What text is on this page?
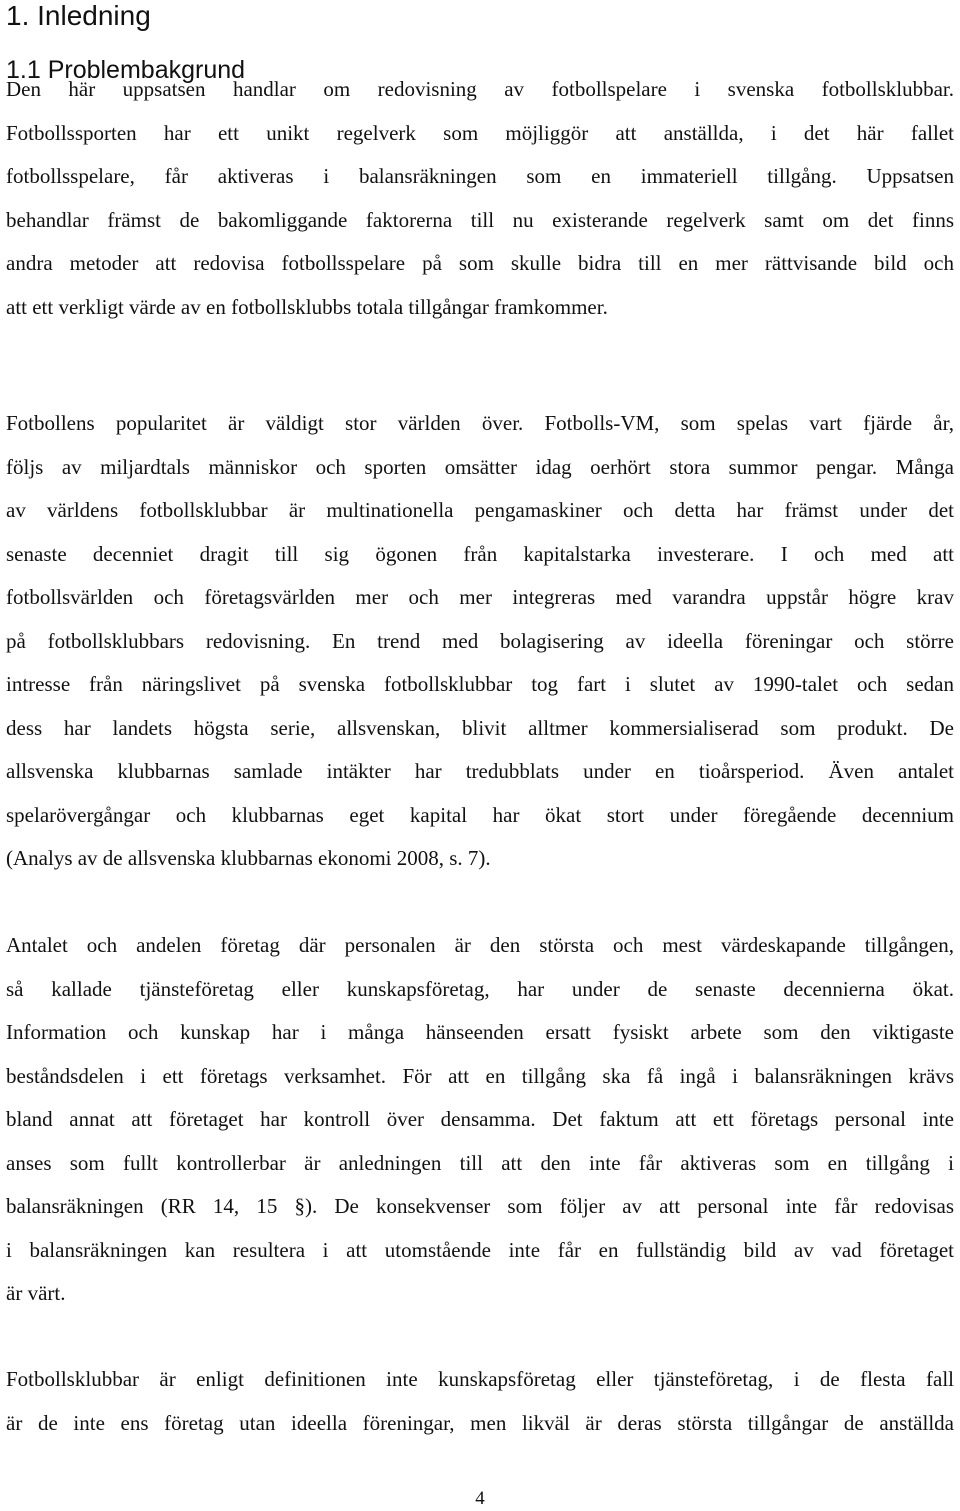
1. Inledning
1.1 Problembakgrund
Den här uppsatsen handlar om redovisning av fotbollspelare i svenska fotbollsklubbar.
Fotbollssporten har ett unikt regelverk som möjliggör att anställda, i det här fallet
fotbollsspelare, får aktiveras i balansräkningen som en immateriell tillgång. Uppsatsen
behandlar främst de bakomliggande faktorerna till nu existerande regelverk samt om det finns
andra metoder att redovisa fotbollsspelare på som skulle bidra till en mer rättvisande bild och
att ett verkligt värde av en fotbollsklubbs totala tillgångar framkommer.
Fotbollens popularitet är väldigt stor världen över. Fotbolls-VM, som spelas vart fjärde år,
följs av miljardtals människor och sporten omsätter idag oerhört stora summor pengar. Många
av världens fotbollsklubbar är multinationella pengamaskiner och detta har främst under det
senaste decenniet dragit till sig ögonen från kapitalstarka investerare. I och med att
fotbollsvärlden och företagsvärlden mer och mer integreras med varandra uppstår högre krav
på fotbollsklubbars redovisning. En trend med bolagisering av ideella föreningar och större
intresse från näringslivet på svenska fotbollsklubbar tog fart i slutet av 1990-talet och sedan
dess har landets högsta serie, allsvenskan, blivit alltmer kommersialiserad som produkt. De
allsvenska klubbarnas samlade intäkter har tredubblats under en tioårsperiod. Även antalet
spelarövergångar och klubbarnas eget kapital har ökat stort under föregående decennium
(Analys av de allsvenska klubbarnas ekonomi 2008, s. 7).
Antalet och andelen företag där personalen är den största och mest värdeskapande tillgången,
så kallade tjänsteföretag eller kunskapsföretag, har under de senaste decennierna ökat.
Information och kunskap har i många hänseenden ersatt fysiskt arbete som den viktigaste
beståndsdelen i ett företags verksamhet. För att en tillgång ska få ingå i balansräkningen krävs
bland annat att företaget har kontroll över densamma. Det faktum att ett företags personal inte
anses som fullt kontrollerbar är anledningen till att den inte får aktiveras som en tillgång i
balansräkningen (RR 14, 15 §). De konsekvenser som följer av att personal inte får redovisas
i balansräkningen kan resultera i att utomstående inte får en fullständig bild av vad företaget
är värt.
Fotbollsklubbar är enligt definitionen inte kunskapsföretag eller tjänsteföretag, i de flesta fall
är de inte ens företag utan ideella föreningar, men likväl är deras största tillgångar de anställda
4
